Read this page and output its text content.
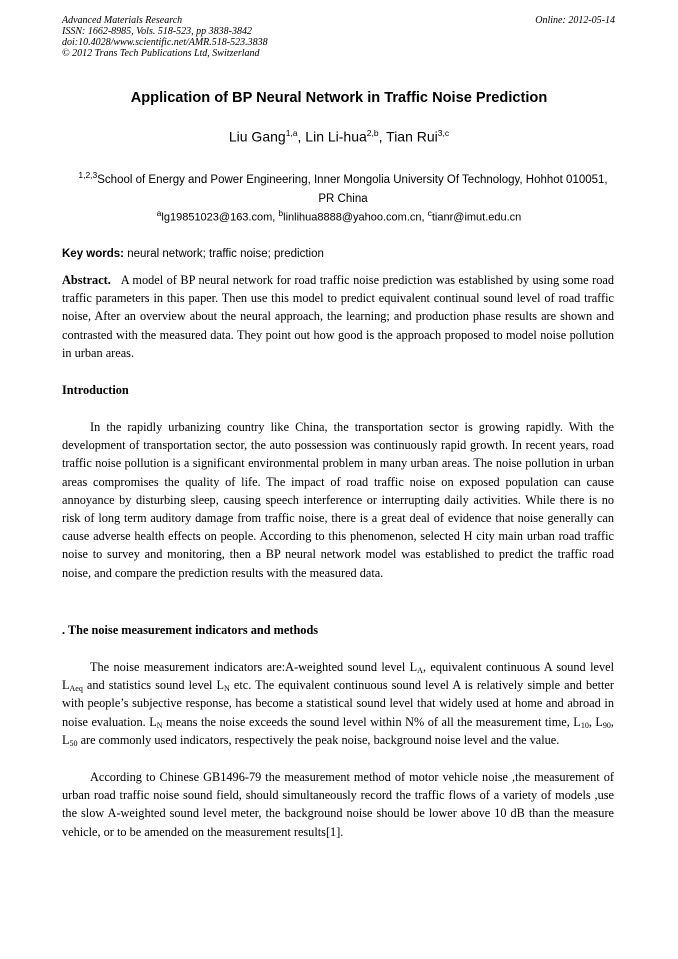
Advanced Materials Research
ISSN: 1662-8985, Vols. 518-523, pp 3838-3842
doi:10.4028/www.scientific.net/AMR.518-523.3838
© 2012 Trans Tech Publications Ltd, Switzerland
Online: 2012-05-14
Application of BP Neural Network in Traffic Noise Prediction
Liu Gang$^{1,a}$, Lin Li-hua$^{2,b}$, Tian Rui$^{3,c}$
$^{1,2,3}$School of Energy and Power Engineering, Inner Mongolia University Of Technology, Hohhot 010051, PR China
$^a$lg19851023@163.com, $^b$linlihua8888@yahoo.com.cn, $^c$tianr@imut.edu.cn
Key words: neural network; traffic noise; prediction
Abstract. A model of BP neural network for road traffic noise prediction was established by using some road traffic parameters in this paper. Then use this model to predict equivalent continual sound level of road traffic noise, After an overview about the neural approach, the learning; and production phase results are shown and contrasted with the measured data. They point out how good is the approach proposed to model noise pollution in urban areas.
Introduction
In the rapidly urbanizing country like China, the transportation sector is growing rapidly. With the development of transportation sector, the auto possession was continuously rapid growth. In recent years, road traffic noise pollution is a significant environmental problem in many urban areas. The noise pollution in urban areas compromises the quality of life. The impact of road traffic noise on exposed population can cause annoyance by disturbing sleep, causing speech interference or interrupting daily activities. While there is no risk of long term auditory damage from traffic noise, there is a great deal of evidence that noise generally can cause adverse health effects on people. According to this phenomenon, selected H city main urban road traffic noise to survey and monitoring, then a BP neural network model was established to predict the traffic road noise, and compare the prediction results with the measured data.
. The noise measurement indicators and methods
The noise measurement indicators are:A-weighted sound level $L_A$, equivalent continuous A sound level $L_{Aeq}$ and statistics sound level $L_N$ etc. The equivalent continuous sound level A is relatively simple and better with people’s subjective response, has become a statistical sound level that widely used at home and abroad in noise evaluation. $L_N$ means the noise exceeds the sound level within N% of all the measurement time, $L_{10}$, $L_{90}$, $L_{50}$ are commonly used indicators, respectively the peak noise, background noise level and the value.
According to Chinese GB1496-79 the measurement method of motor vehicle noise ,the measurement of urban road traffic noise sound field, should simultaneously record the traffic flows of a variety of models ,use the slow A-weighted sound level meter, the background noise should be lower above 10 dB than the measure vehicle, or to be amended on the measurement results[1].
